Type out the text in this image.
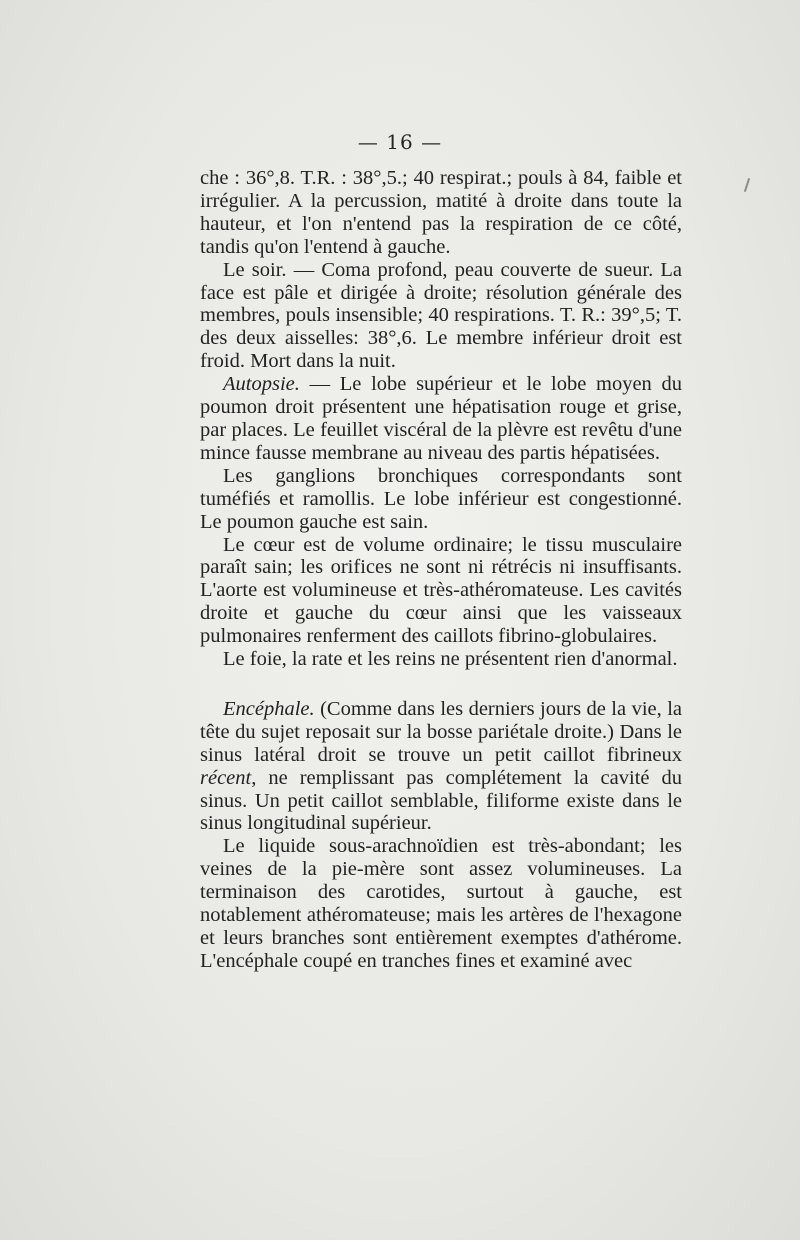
— 16 —

che : 36°,8. T.R. : 38°,5.; 40 respirat.; pouls à 84, faible et irrégulier. A la percussion, matité à droite dans toute la hauteur, et l'on n'entend pas la respiration de ce côté, tandis qu'on l'entend à gauche.

Le soir. — Coma profond, peau couverte de sueur. La face est pâle et dirigée à droite; résolution générale des membres, pouls insensible; 40 respirations. T. R.: 39°,5; T. des deux aisselles: 38°,6. Le membre inférieur droit est froid. Mort dans la nuit.

Autopsie. — Le lobe supérieur et le lobe moyen du poumon droit présentent une hépatisation rouge et grise, par places. Le feuillet viscéral de la plèvre est revêtu d'une mince fausse membrane au niveau des partis hépatisées.

Les ganglions bronchiques correspondants sont tuméfiés et ramollis. Le lobe inférieur est congestionné. Le poumon gauche est sain.

Le cœur est de volume ordinaire; le tissu musculaire paraît sain; les orifices ne sont ni rétrécis ni insuffisants. L'aorte est volumineuse et très-athéromateuse. Les cavités droite et gauche du cœur ainsi que les vaisseaux pulmonaires renferment des caillots fibrino-globulaires.

Le foie, la rate et les reins ne présentent rien d'anormal.

Encéphale. (Comme dans les derniers jours de la vie, la tête du sujet reposait sur la bosse pariétale droite.) Dans le sinus latéral droit se trouve un petit caillot fibrineux récent, ne remplissant pas complétement la cavité du sinus. Un petit caillot semblable, filiforme existe dans le sinus longitudinal supérieur.

Le liquide sous-arachnoïdien est très-abondant; les veines de la pie-mère sont assez volumineuses. La terminaison des carotides, surtout à gauche, est notablement athéromateuse; mais les artères de l'hexagone et leurs branches sont entièrement exemptes d'athérome. L'encéphale coupé en tranches fines et examiné avec
